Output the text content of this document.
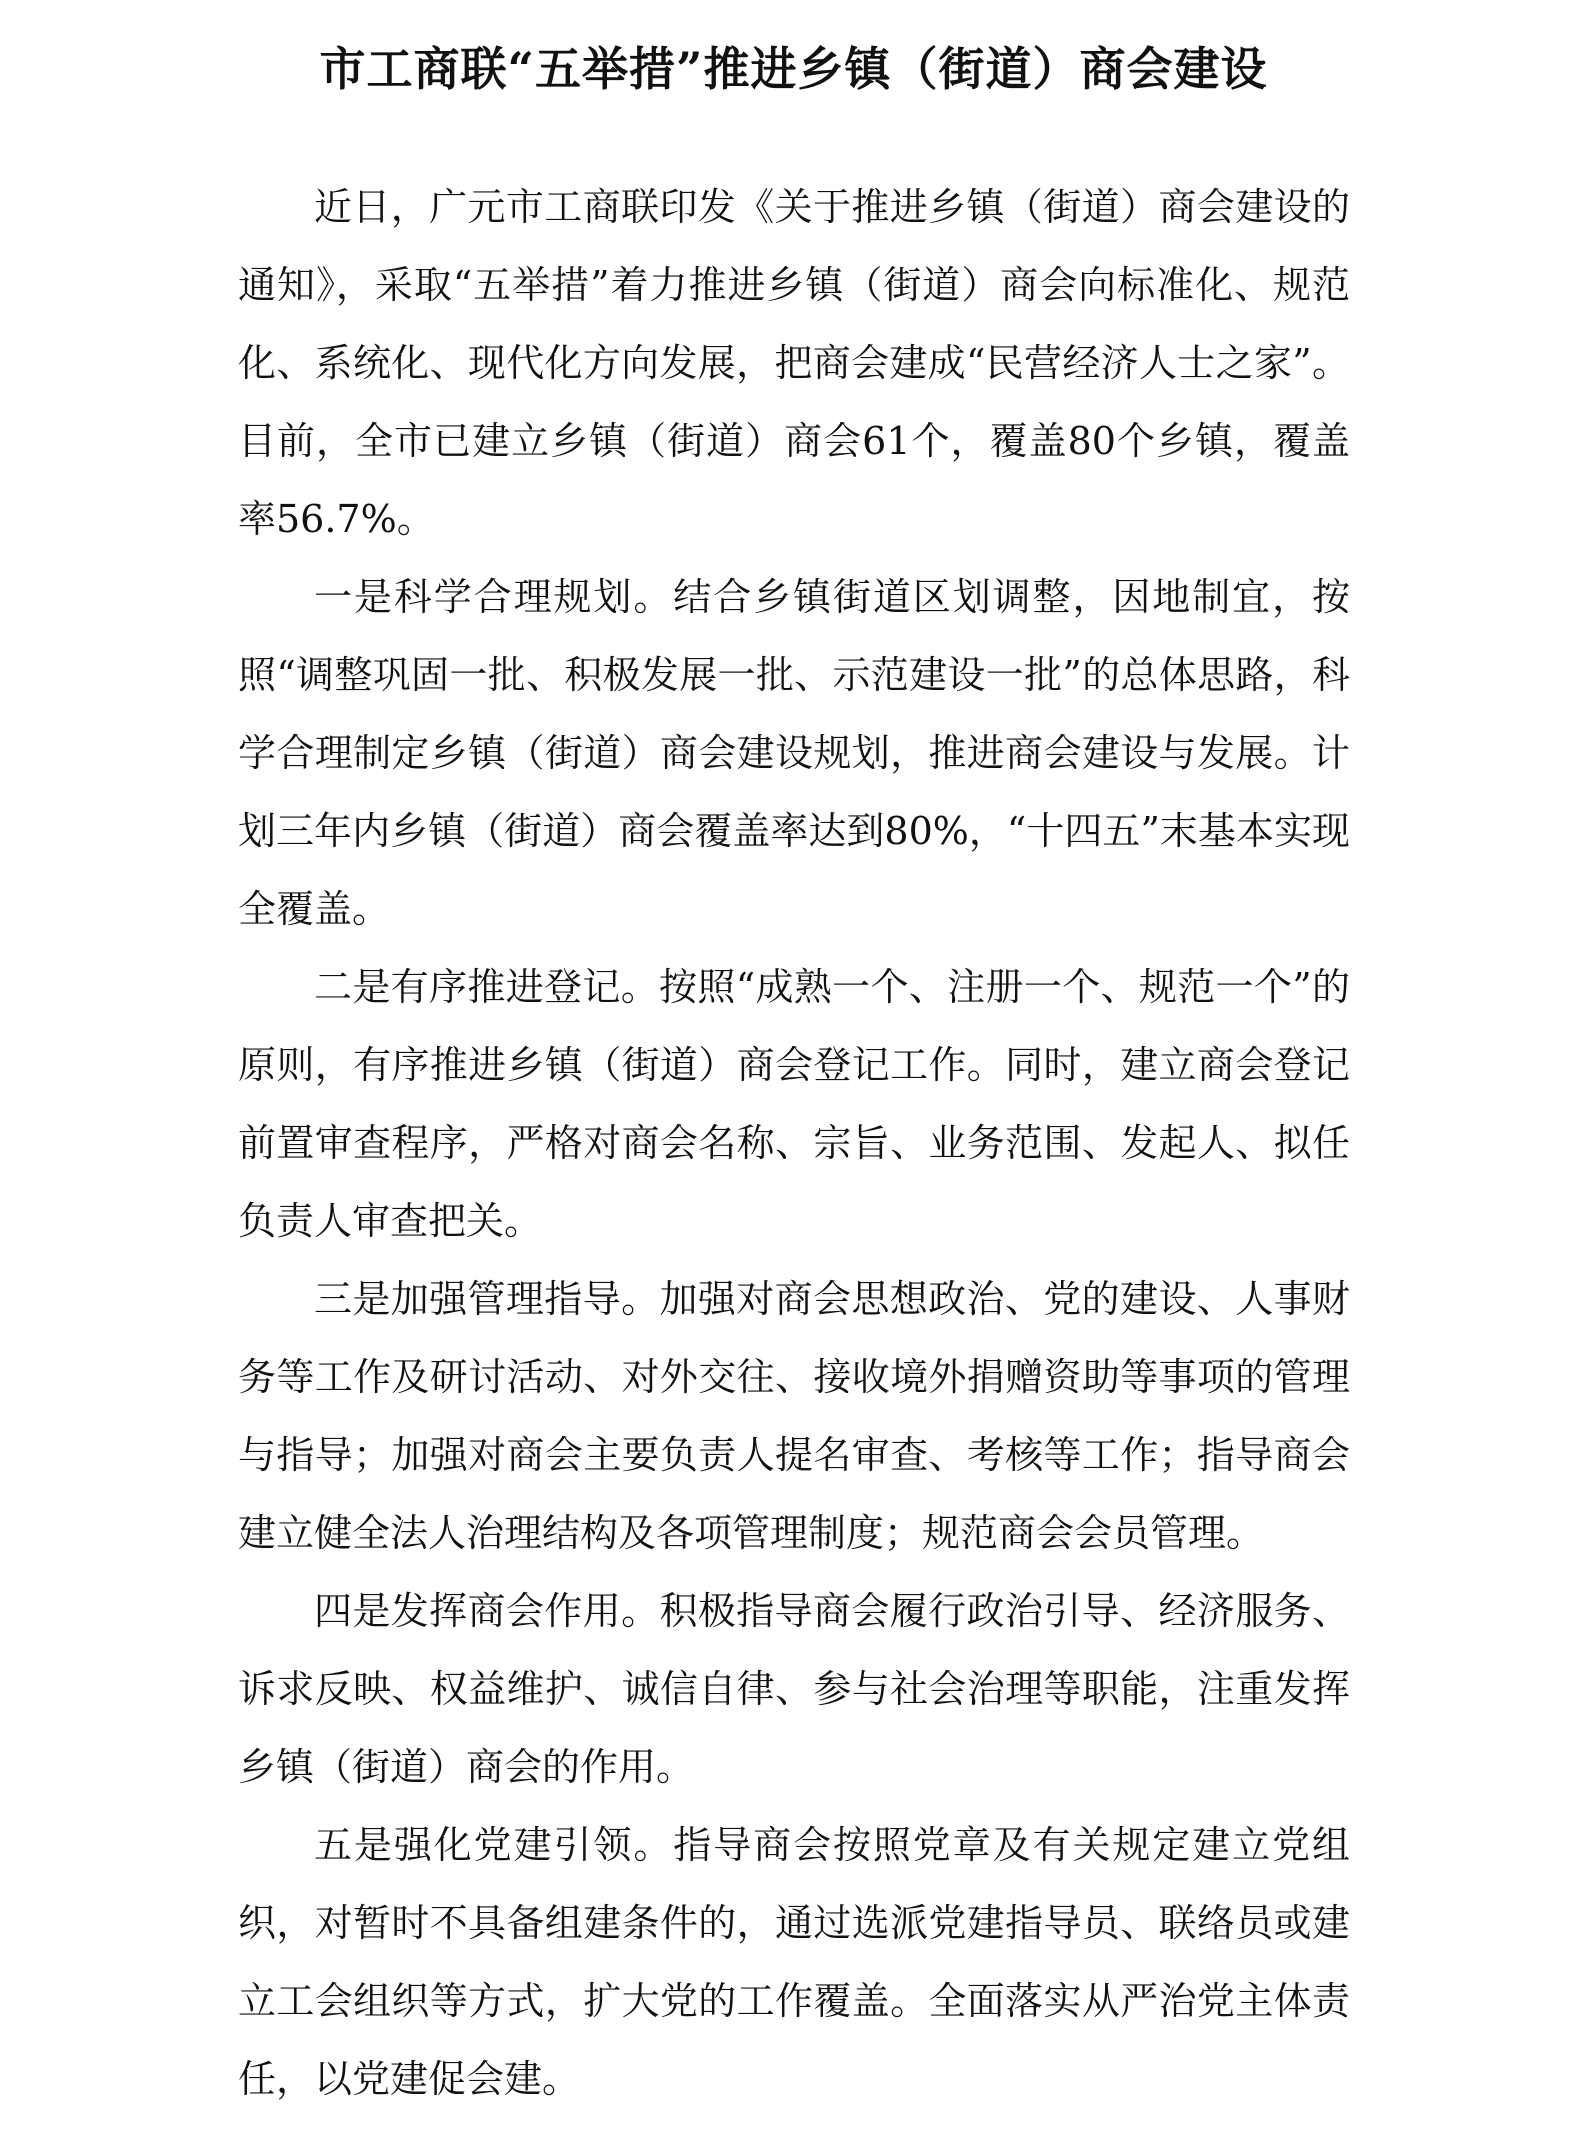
市工商联“五举措”推进乡镇（街道）商会建设

近日，广元市工商联印发《关于推进乡镇（街道）商会建设的通知》，采取“五举措”着力推进乡镇（街道）商会向标准化、规范化、系统化、现代化方向发展，把商会建成“民营经济人士之家”。目前，全市已建立乡镇（街道）商会61个，覆盖80个乡镇，覆盖率56.7%。

一是科学合理规划。结合乡镇街道区划调整，因地制宜，按照“调整巩固一批、积极发展一批、示范建设一批”的总体思路，科学合理制定乡镇（街道）商会建设规划，推进商会建设与发展。计划三年内乡镇（街道）商会覆盖率达到80%，“十四五”末基本实现全覆盖。

二是有序推进登记。按照“成熟一个、注册一个、规范一个”的原则，有序推进乡镇（街道）商会登记工作。同时，建立商会登记前置审查程序，严格对商会名称、宗旨、业务范围、发起人、拟任负责人审查把关。

三是加强管理指导。加强对商会思想政治、党的建设、人事财务等工作及研讨活动、对外交往、接收境外捐赠资助等事项的管理与指导；加强对商会主要负责人提名审查、考核等工作；指导商会建立健全法人治理结构及各项管理制度；规范商会会员管理。

四是发挥商会作用。积极指导商会履行政治引导、经济服务、诉求反映、权益维护、诚信自律、参与社会治理等职能，注重发挥乡镇（街道）商会的作用。

五是强化党建引领。指导商会按照党章及有关规定建立党组织，对暂时不具备组建条件的，通过选派党建指导员、联络员或建立工会组织等方式，扩大党的工作覆盖。全面落实从严治党主体责任，以党建促会建。
